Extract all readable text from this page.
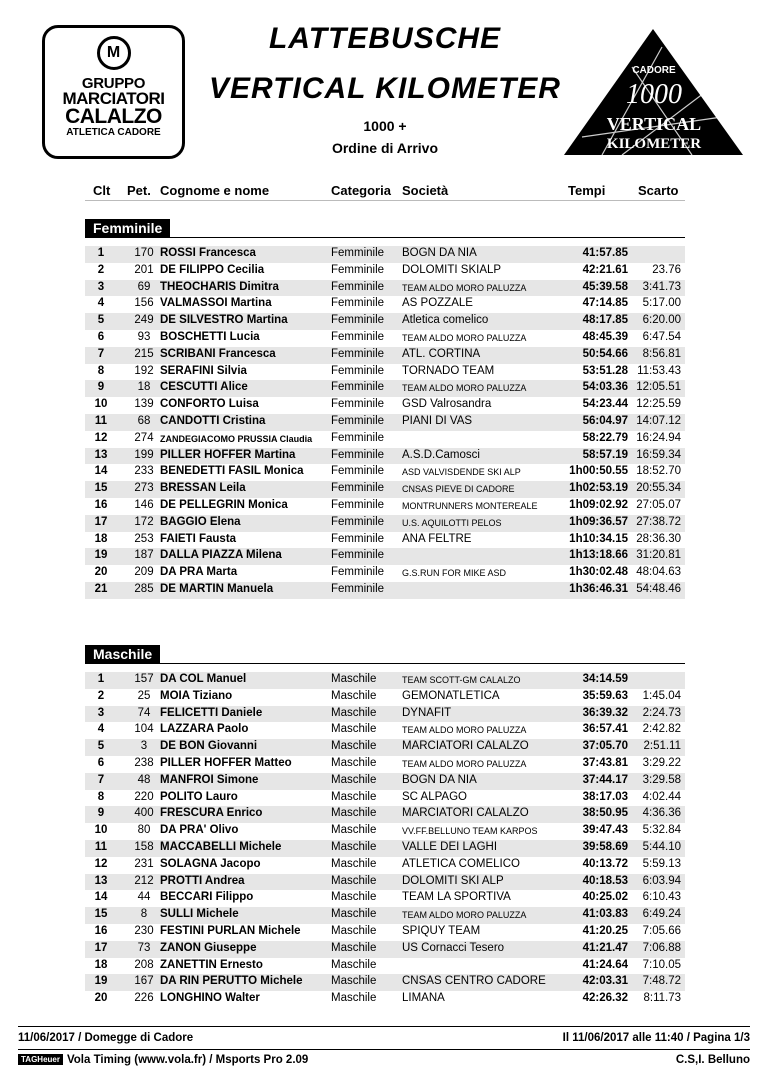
M
GRUPPO
MARCIATORI
CALALZO
ATLETICA CADORE
LATTEBUSCHE
VERTICAL KILOMETER
1000 +
Ordine di Arrivo
CADORE
1000
VERTICAL
KILOMETER
Clt Pet. Cognome e nome	Categoria Società	Tempi	Scarto
Femminile
1	170 ROSSI Francesca	Femminile BOGN DA NIA	41:57.85
2	201 DE FILIPPO Cecilia	Femminile DOLOMITI SKIALP	42:21.61	23.76
3	69 THEOCHARIS Dimitra	Femminile TEAM ALDO MORO PALUZZA	45:39.58	3:41.73
4	156 VALMASSOI Martina	Femminile AS POZZALE	47:14.85	5:17.00
5	249 DE SILVESTRO Martina	Femminile Atletica comelico	48:17.85	6:20.00
6	93 BOSCHETTI Lucia	Femminile TEAM ALDO MORO PALUZZA	48:45.39	6:47.54
7	215 SCRIBANI Francesca	Femminile ATL. CORTINA	50:54.66	8:56.81
8	192 SERAFINI Silvia	Femminile TORNADO TEAM	53:51.28 11:53.43
9	18 CESCUTTI Alice	Femminile TEAM ALDO MORO PALUZZA	54:03.36 12:05.51
10	139 CONFORTO Luisa	Femminile GSD Valrosandra	54:23.44 12:25.59
11	68 CANDOTTI Cristina	Femminile PIANI DI VAS	56:04.97 14:07.12
12	274 ZANDEGIACOMO PRUSSIA Claudia Femminile	58:22.79 16:24.94
13	199 PILLER HOFFER Martina	Femminile A.S.D.Camosci	58:57.19 16:59.34
14	233 BENEDETTI FASIL Monica Femminile ASD VALVISDENDE SKI ALP	1h00:50.55 18:52.70
15	273 BRESSAN Leila	Femminile CNSAS PIEVE DI CADORE	1h02:53.19 20:55.34
16	146 DE PELLEGRIN Monica	Femminile MONTRUNNERS MONTEREALE	1h09:02.92 27:05.07
17	172 BAGGIO Elena	Femminile U.S. AQUILOTTI PELOS	1h09:36.57 27:38.72
18	253 FAIETI Fausta	Femminile ANA FELTRE	1h10:34.15 28:36.30
19	187 DALLA PIAZZA Milena	Femminile	1h13:18.66 31:20.81
20	209 DA PRA Marta	Femminile G.S.RUN FOR MIKE ASD	1h30:02.48 48:04.63
21	285 DE MARTIN Manuela	Femminile	1h36:46.31 54:48.46
Maschile
1	157 DA COL Manuel	Maschile	TEAM SCOTT-GM CALALZO	34:14.59
2	25 MOIA Tiziano	Maschile GEMONATLETICA	35:59.63	1:45.04
3	74 FELICETTI Daniele	Maschile DYNAFIT	36:39.32	2:24.73
4	104 LAZZARA Paolo	Maschile	TEAM ALDO MORO PALUZZA	36:57.41	2:42.82
5	3	DE BON Giovanni	Maschile MARCIATORI CALALZO	37:05.70	2:51.11
6	238 PILLER HOFFER Matteo	Maschile	TEAM ALDO MORO PALUZZA	37:43.81	3:29.22
7	48 MANFROI Simone	Maschile BOGN DA NIA	37:44.17	3:29.58
8	220 POLITO Lauro	Maschile SC ALPAGO	38:17.03	4:02.44
9	400 FRESCURA Enrico	Maschile MARCIATORI CALALZO	38:50.95	4:36.36
10	80 DA PRA' Olivo	Maschile	VV.FF.BELLUNO TEAM KARPOS	39:47.43	5:32.84
11	158 MACCABELLI Michele	Maschile VALLE DEI LAGHI	39:58.69	5:44.10
12	231 SOLAGNA Jacopo	Maschile ATLETICA COMELICO	40:13.72	5:59.13
13	212 PROTTI Andrea	Maschile DOLOMITI SKI ALP	40:18.53	6:03.94
14	44 BECCARI Filippo	Maschile TEAM LA SPORTIVA	40:25.02	6:10.43
15	8	SULLI Michele	Maschile	TEAM ALDO MORO PALUZZA	41:03.83	6:49.24
16	230 FESTINI PURLAN Michele	Maschile SPIQUY TEAM	41:20.25	7:05.66
17	73 ZANON Giuseppe	Maschile US Cornacci Tesero	41:21.47	7:06.88
18	208 ZANETTIN Ernesto	Maschile	41:24.64	7:10.05
19	167 DA RIN PERUTTO Michele Maschile CNSAS CENTRO CADORE	42:03.31	7:48.72
20	226 LONGHINO Walter	Maschile LIMANA	42:26.32	8:11.73
11/06/2017 / Domegge di Cadore	Il 11/06/2017 alle 11:40 / Pagina 1/3
TAGHeuer Vola Timing (www.vola.fr) / Msports Pro 2.09	C.S,I. Belluno
